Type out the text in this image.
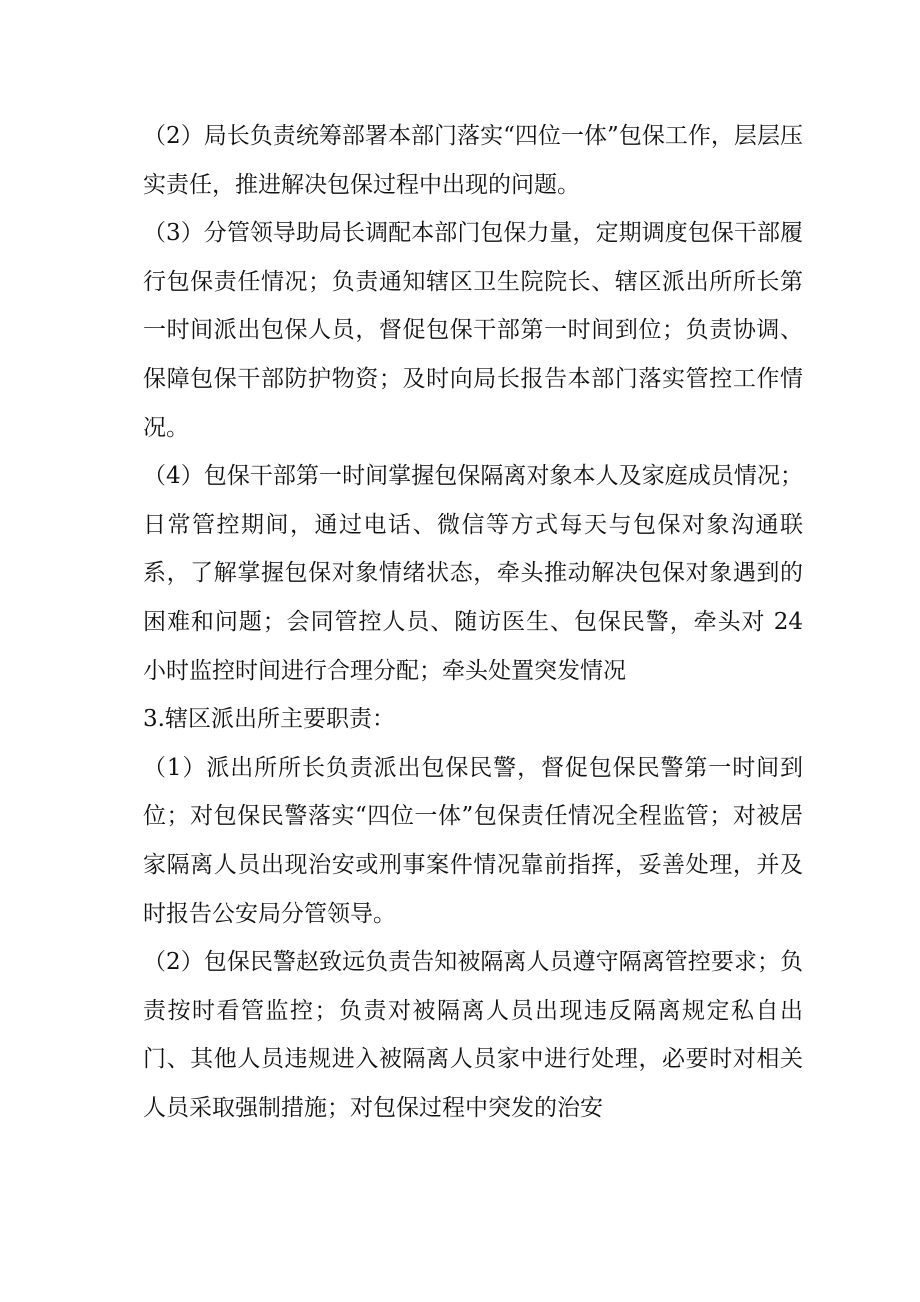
（2）局长负责统筹部署本部门落实“四位一体”包保工作，层层压实责任，推进解决包保过程中出现的问题。

（3）分管领导助局长调配本部门包保力量，定期调度包保干部履行包保责任情况；负责通知辖区卫生院院长、辖区派出所所长第一时间派出包保人员，督促包保干部第一时间到位；负责协调、保障包保干部防护物资；及时向局长报告本部门落实管控工作情况。

（4）包保干部第一时间掌握包保隔离对象本人及家庭成员情况；日常管控期间，通过电话、微信等方式每天与包保对象沟通联系，了解掌握包保对象情绪状态，牵头推动解决包保对象遇到的困难和问题；会同管控人员、随访医生、包保民警，牵头对 24 小时监控时间进行合理分配；牵头处置突发情况

3.辖区派出所主要职责：

（1）派出所所长负责派出包保民警，督促包保民警第一时间到位；对包保民警落实“四位一体”包保责任情况全程监管；对被居家隔离人员出现治安或刑事案件情况靠前指挥，妥善处理，并及时报告公安局分管领导。

（2）包保民警赵致远负责告知被隔离人员遵守隔离管控要求；负责按时看管监控；负责对被隔离人员出现违反隔离规定私自出门、其他人员违规进入被隔离人员家中进行处理，必要时对相关人员采取强制措施；对包保过程中突发的治安
